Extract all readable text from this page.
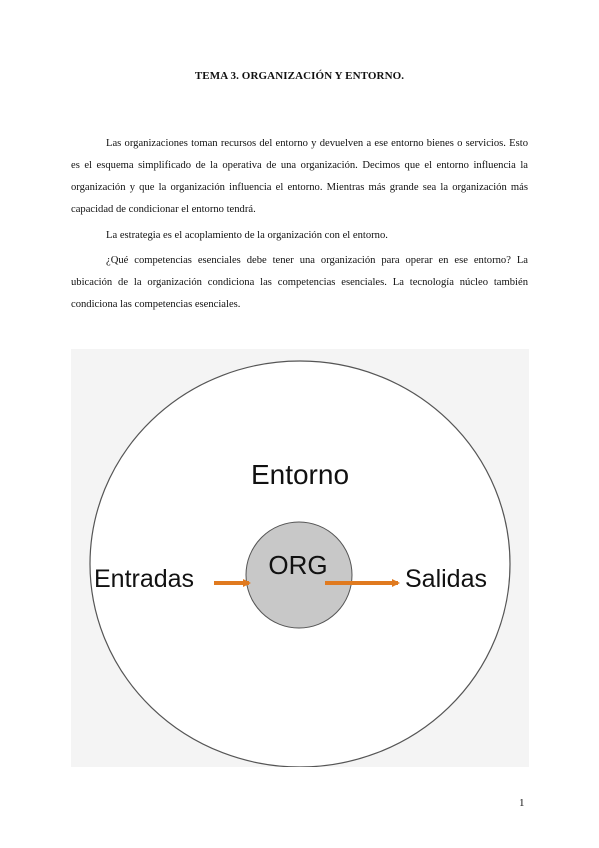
TEMA 3. ORGANIZACIÓN Y ENTORNO.

Las organizaciones toman recursos del entorno y devuelven a ese entorno bienes o servicios. Esto es el esquema simplificado de la operativa de una organización. Decimos que el entorno influencia la organización y que la organización influencia el entorno. Mientras más grande sea la organización más capacidad de condicionar el entorno tendrá.

La estrategia es el acoplamiento de la organización con el entorno.

¿Qué competencias esenciales debe tener una organización para operar en ese entorno? La ubicación de la organización condiciona las competencias esenciales. La tecnología núcleo también condiciona las competencias esenciales.

Entorno
ORG
Entradas	Salidas
1
